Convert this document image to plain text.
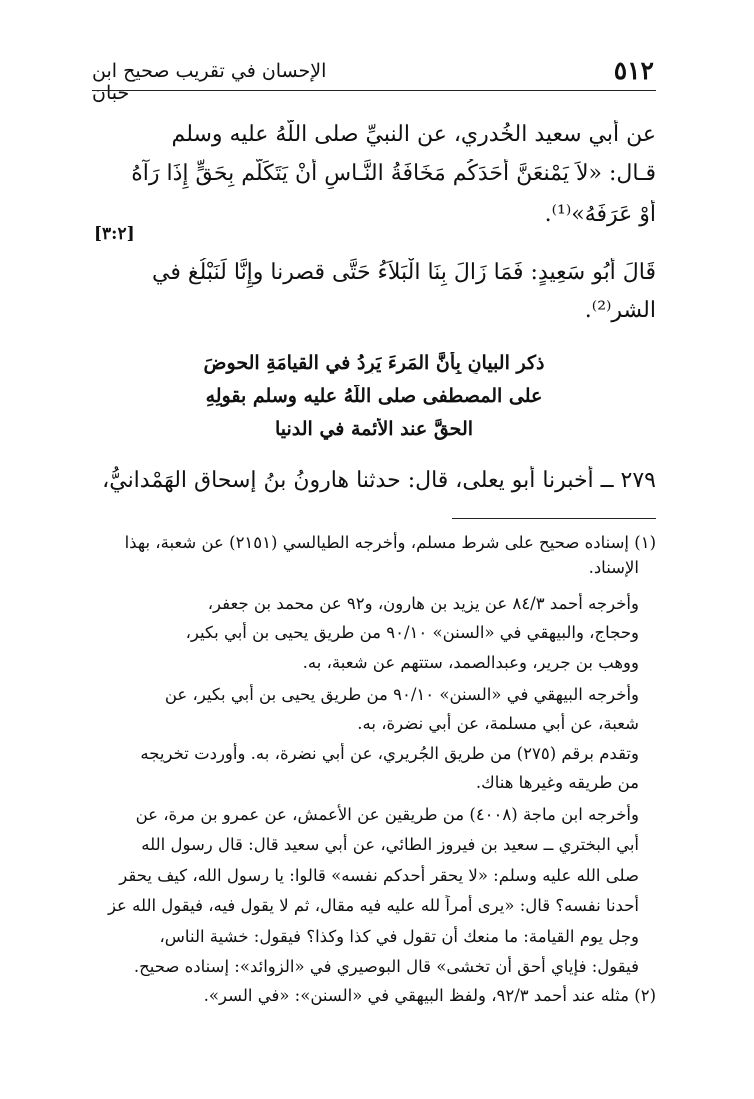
٥١٢
الإحسان في تقريب صحيح ابن حبان
عن أبي سعيد الخُدري، عن النبيِّ صلى اللّهُ عليه وسلم
قـال: «لاَ يَمْنعَنَّ أَحَدَكُم مَخَافَةُ النَّـاسِ أَنْ يَتَكَلَّم بِحَقٍّ إِذَا رَآهُ
أَوْ عَرَفَهُ»⁽¹⁾.
[٣:٢]
قَالَ أَبُو سَعِيدٍ: فَمَا زَالَ بِنَا الْبَلاَءُ حَتَّى قصرنا وإِنَّا لَنَبْلُغ في
الشر⁽²⁾.
ذكر البيانِ بِأَنَّ المَرءَ يَرِدُ في القيامَةِ الحوضَ
على المصطفى صلى اللّهُ عليه وسلم بقولِهِ
الحقَّ عند الأئمة في الدنيا
٢٧٩ ــ أخبرنا أبو يعلى، قال: حدثنا هارونُ بنُ إسحاق الهَمْدانيُّ،
(١) إسناده صحيح على شرط مسلم، وأخرجه الطيالسي (٢١٥١) عن شعبة، بهذا
الإسناد.
وأخرجه أحمد ٨٤/٣ عن يزيد بن هارون، و٩٢ عن محمد بن جعفر،
وحجاج، والبيهقي في «السنن» ٩٠/١٠ من طريق يحيى بن أبي بكير،
ووهب بن جرير، وعبدالصمد، ستتهم عن شعبة، به.
وأخرجه البيهقي في «السنن» ٩٠/١٠ من طريق يحيى بن أبي بكير، عن
شعبة، عن أبي مسلمة، عن أبي نضرة، به.
وتقدم برقم (٢٧٥) من طريق الجُريري، عن أبي نضرة، به. وأوردت تخريجه
من طريقه وغيرها هناك.
وأخرجه ابن ماجة (٤٠٠٨) من طريقين عن الأعمش، عن عمرو بن مرة، عن
أبي البختري ــ سعيد بن فيروز الطائي، عن أبي سعيد قال: قال رسول الله
صلى الله عليه وسلم: «لا يحقر أحدكم نفسه» قالوا: يا رسول الله، كيف يحقر
أحدنا نفسه؟ قال: «يرى أمراً لله عليه فيه مقال، ثم لا يقول فيه، فيقول الله عز
وجل يوم القيامة: ما منعك أن تقول في كذا وكذا؟ فيقول: خشية الناس،
فيقول: فإياي أحق أن تخشى» قال البوصيري في «الزوائد»: إسناده صحيح.
(٢) مثله عند أحمد ٩٢/٣، ولفظ البيهقي في «السنن»: «في السر».
